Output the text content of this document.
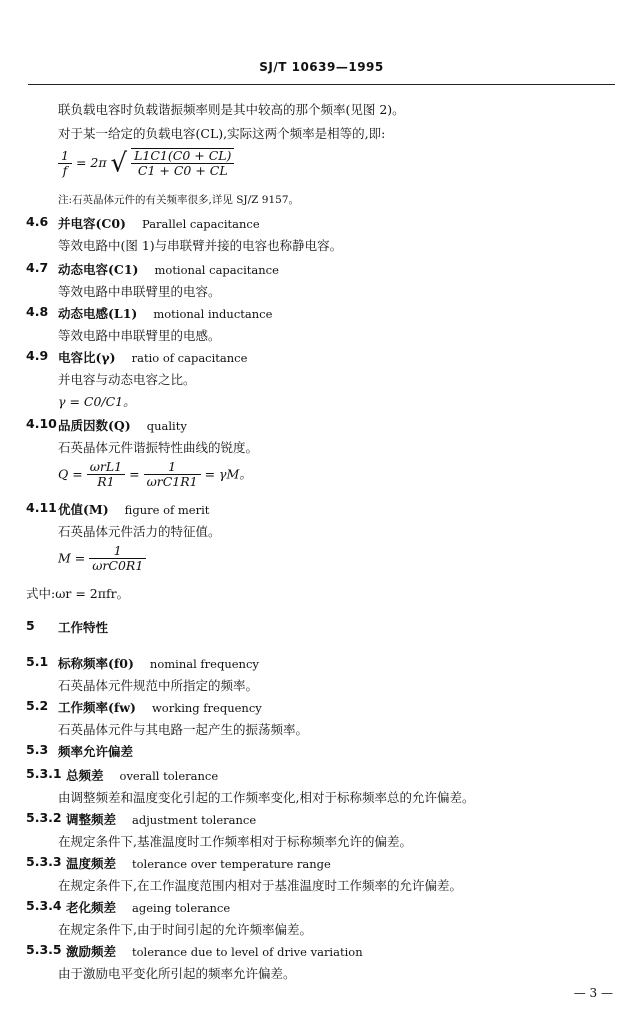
SJ/T 10639—1995
联负载电容时负载谐振频率则是其中较高的那个频率(见图 2)。
对于某一给定的负载电容(CL),实际这两个频率是相等的,即:
$\frac{1}{f} = 2\pi$ √ $\frac{L1C1(C0 + CL)}{C1 + C0 + CL}$
注:石英晶体元件的有关频率很多,详见 SJ/Z 9157。
4.6 并电容(C0) Parallel capacitance
等效电路中(图 1)与串联臂并接的电容也称静电容。
4.7 动态电容(C1) motional capacitance
等效电路中串联臂里的电容。
4.8 动态电感(L1) motional inductance
等效电路中串联臂里的电感。
4.9 电容比(γ) ratio of capacitance
并电容与动态电容之比。
γ = C0/C1。
4.10 品质因数(Q) quality
石英晶体元件谐振特性曲线的锐度。
$Q = \frac{\text{ωrL1}}{R1} = \frac{1}{\text{ωrC1R1}} = \gamma M$。
4.11 优值(M) figure of merit
石英晶体元件活力的特征值。
$M = \frac{1}{\text{ωrC0R1}}$
式中:ωr = 2πfr。
5 工作特性
5.1 标称频率(f0) nominal frequency
石英晶体元件规范中所指定的频率。
5.2 工作频率(fw) working frequency
石英晶体元件与其电路一起产生的振荡频率。
5.3 频率允许偏差
5.3.1 总频差 overall tolerance
由调整频差和温度变化引起的工作频率变化,相对于标称频率总的允许偏差。
5.3.2 调整频差 adjustment tolerance
在规定条件下,基准温度时工作频率相对于标称频率允许的偏差。
5.3.3 温度频差 tolerance over temperature range
在规定条件下,在工作温度范围内相对于基准温度时工作频率的允许偏差。
5.3.4 老化频差 ageing tolerance
在规定条件下,由于时间引起的允许频率偏差。
5.3.5 激励频差 tolerance due to level of drive variation
由于激励电平变化所引起的频率允许偏差。
— 3 —
